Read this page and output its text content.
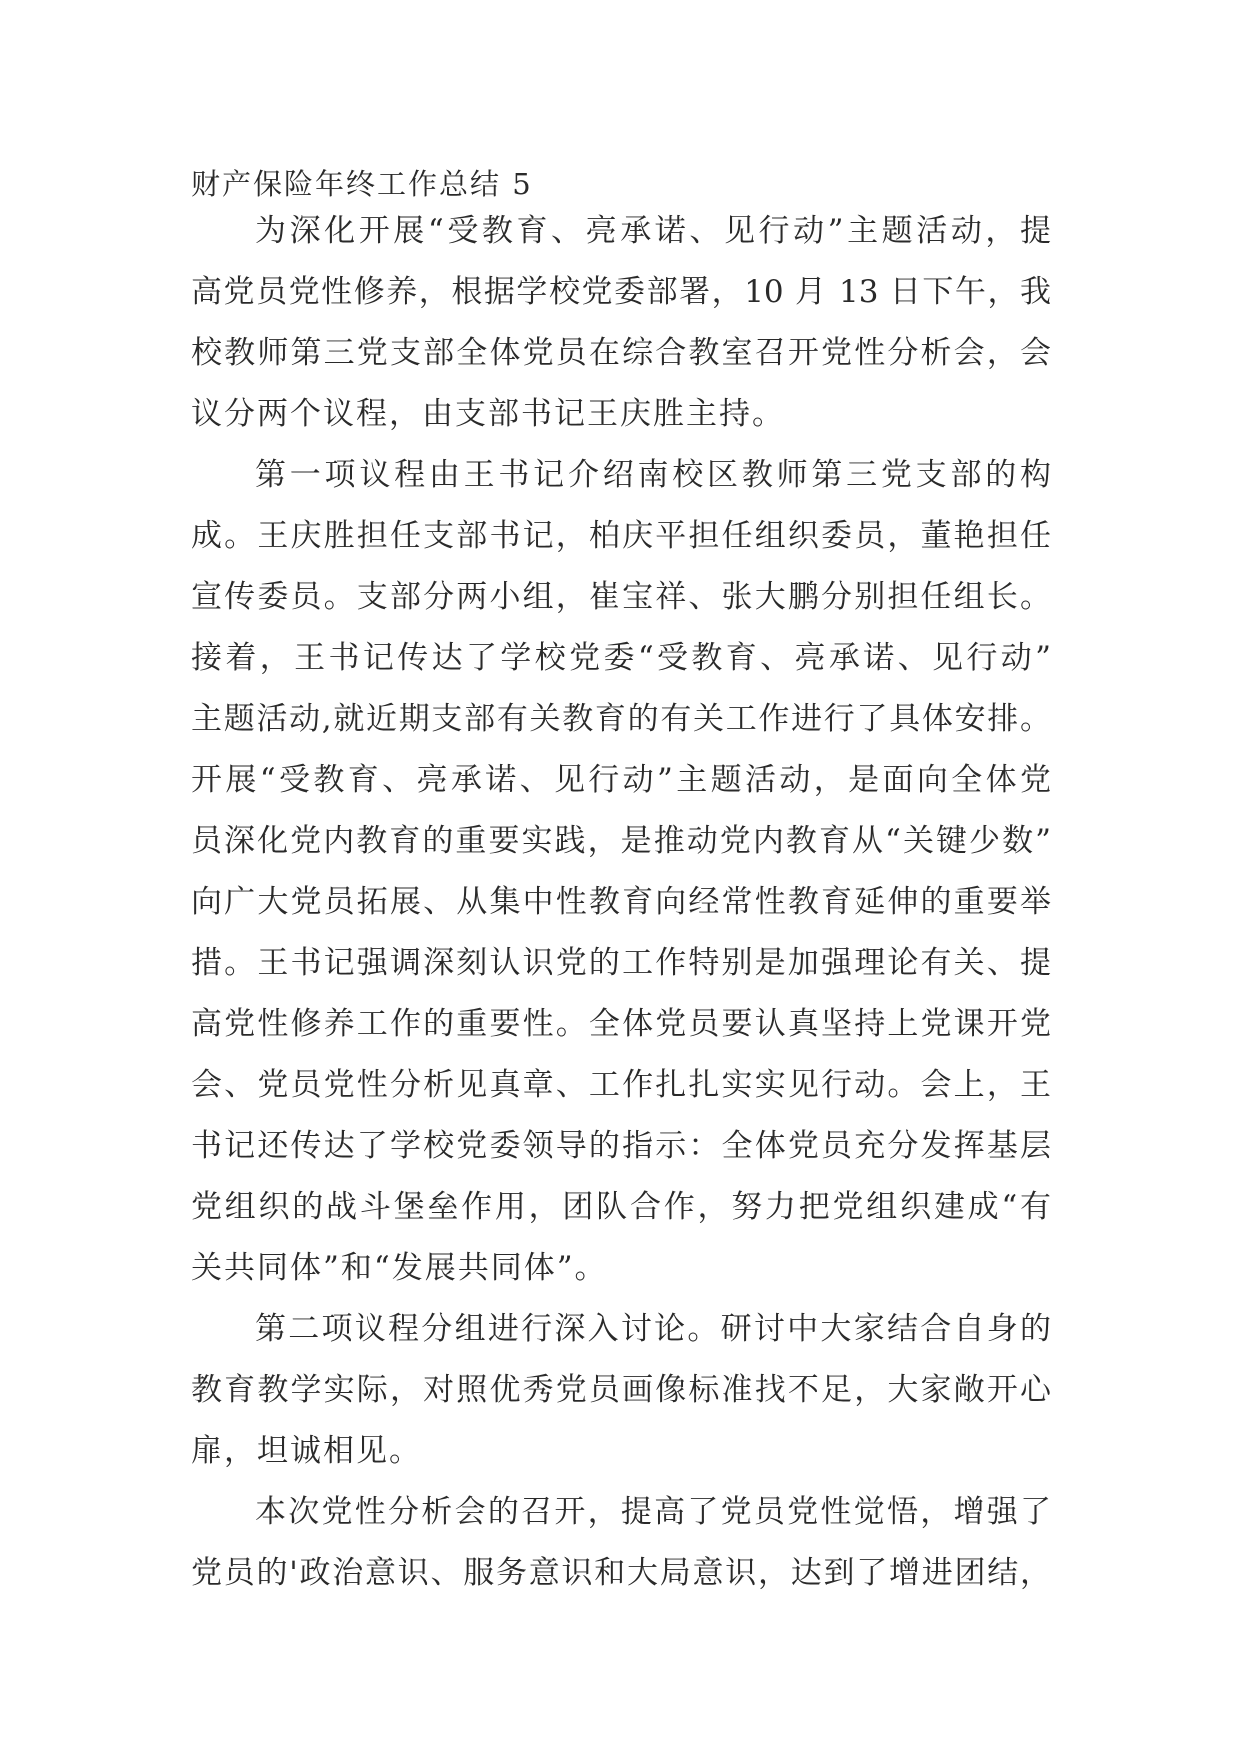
财产保险年终工作总结 5
为深化开展“受教育、亮承诺、见行动”主题活动，提
高党员党性修养，根据学校党委部署，10 月 13 日下午，我
校教师第三党支部全体党员在综合教室召开党性分析会，会
议分两个议程，由支部书记王庆胜主持。
第一项议程由王书记介绍南校区教师第三党支部的构
成。王庆胜担任支部书记，柏庆平担任组织委员，董艳担任
宣传委员。支部分两小组，崔宝祥、张大鹏分别担任组长。
接着，王书记传达了学校党委“受教育、亮承诺、见行动”
主题活动,就近期支部有关教育的有关工作进行了具体安排。
开展“受教育、亮承诺、见行动”主题活动，是面向全体党
员深化党内教育的重要实践，是推动党内教育从“关键少数”
向广大党员拓展、从集中性教育向经常性教育延伸的重要举
措。王书记强调深刻认识党的工作特别是加强理论有关、提
高党性修养工作的重要性。全体党员要认真坚持上党课开党
会、党员党性分析见真章、工作扎扎实实见行动。会上，王
书记还传达了学校党委领导的指示：全体党员充分发挥基层
党组织的战斗堡垒作用，团队合作，努力把党组织建成“有
关共同体”和“发展共同体”。
第二项议程分组进行深入讨论。研讨中大家结合自身的
教育教学实际，对照优秀党员画像标准找不足，大家敞开心
扉，坦诚相见。
本次党性分析会的召开，提高了党员党性觉悟，增强了
党员的'政治意识、服务意识和大局意识，达到了增进团结，
